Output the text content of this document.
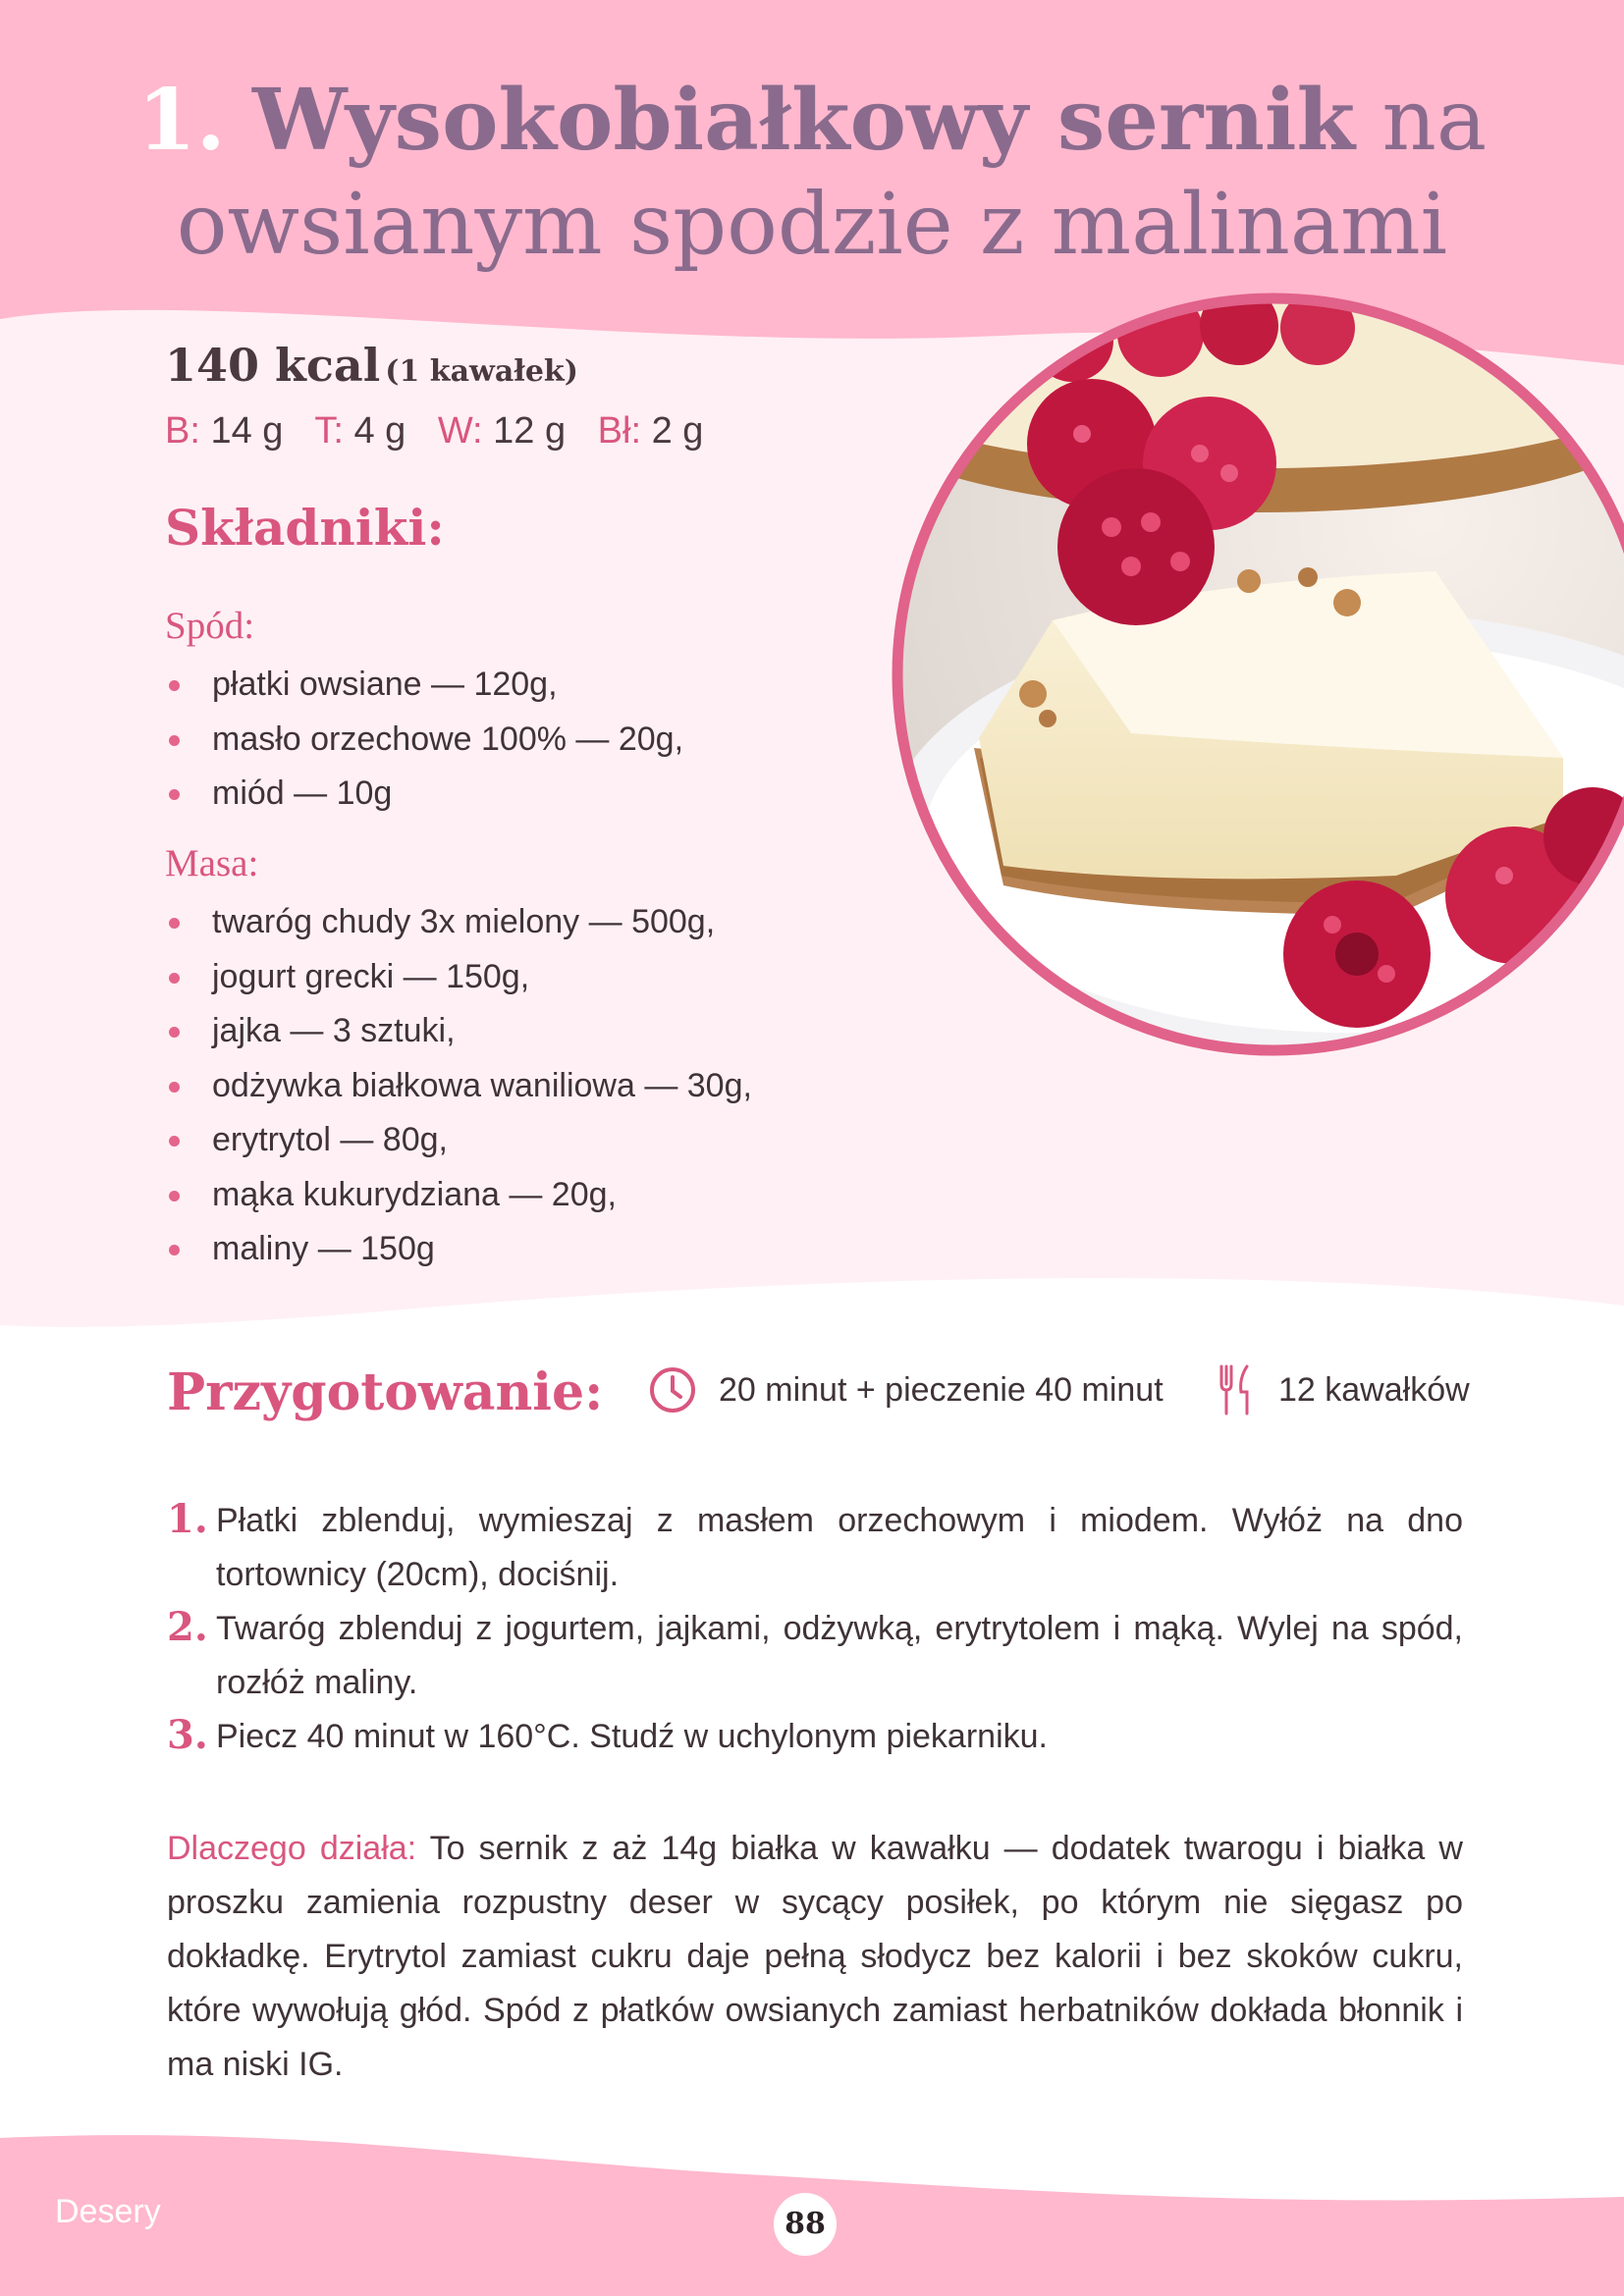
1. Wysokobiałkowy sernik na
owsianym spodzie z malinami
140 kcal (1 kawałek)
B: 14 g T: 4 g W: 12 g Bł: 2 g
Składniki:
Spód:
płatki owsiane — 120g,
masło orzechowe 100% — 20g,
miód — 10g
Masa:
twaróg chudy 3x mielony — 500g,
jogurt grecki — 150g,
jajka — 3 sztuki,
odżywka białkowa waniliowa — 30g,
erytrytol — 80g,
mąka kukurydziana — 20g,
maliny — 150g
Przygotowanie:	20 minut + pieczenie 40 minut	12 kawałków
1. Płatki zblenduj, wymieszaj z masłem orzechowym i miodem. Wyłóż na dno tortownicy (20cm), dociśnij.
2. Twaróg zblenduj z jogurtem, jajkami, odżywką, erytrytolem i mąką. Wylej na spód, rozłóż maliny.
3. Piecz 40 minut w 160°C. Studź w uchylonym piekarniku.

Dlaczego działa: To sernik z aż 14g białka w kawałku — dodatek twarogu i białka w proszku zamienia rozpustny deser w sycący posiłek, po którym nie sięgasz po dokładkę. Erytrytol zamiast cukru daje pełną słodycz bez kalorii i bez skoków cukru, które wywołują głód. Spód z płatków owsianych zamiast herbatników dokłada błonnik i ma niski IG.

Desery	88
